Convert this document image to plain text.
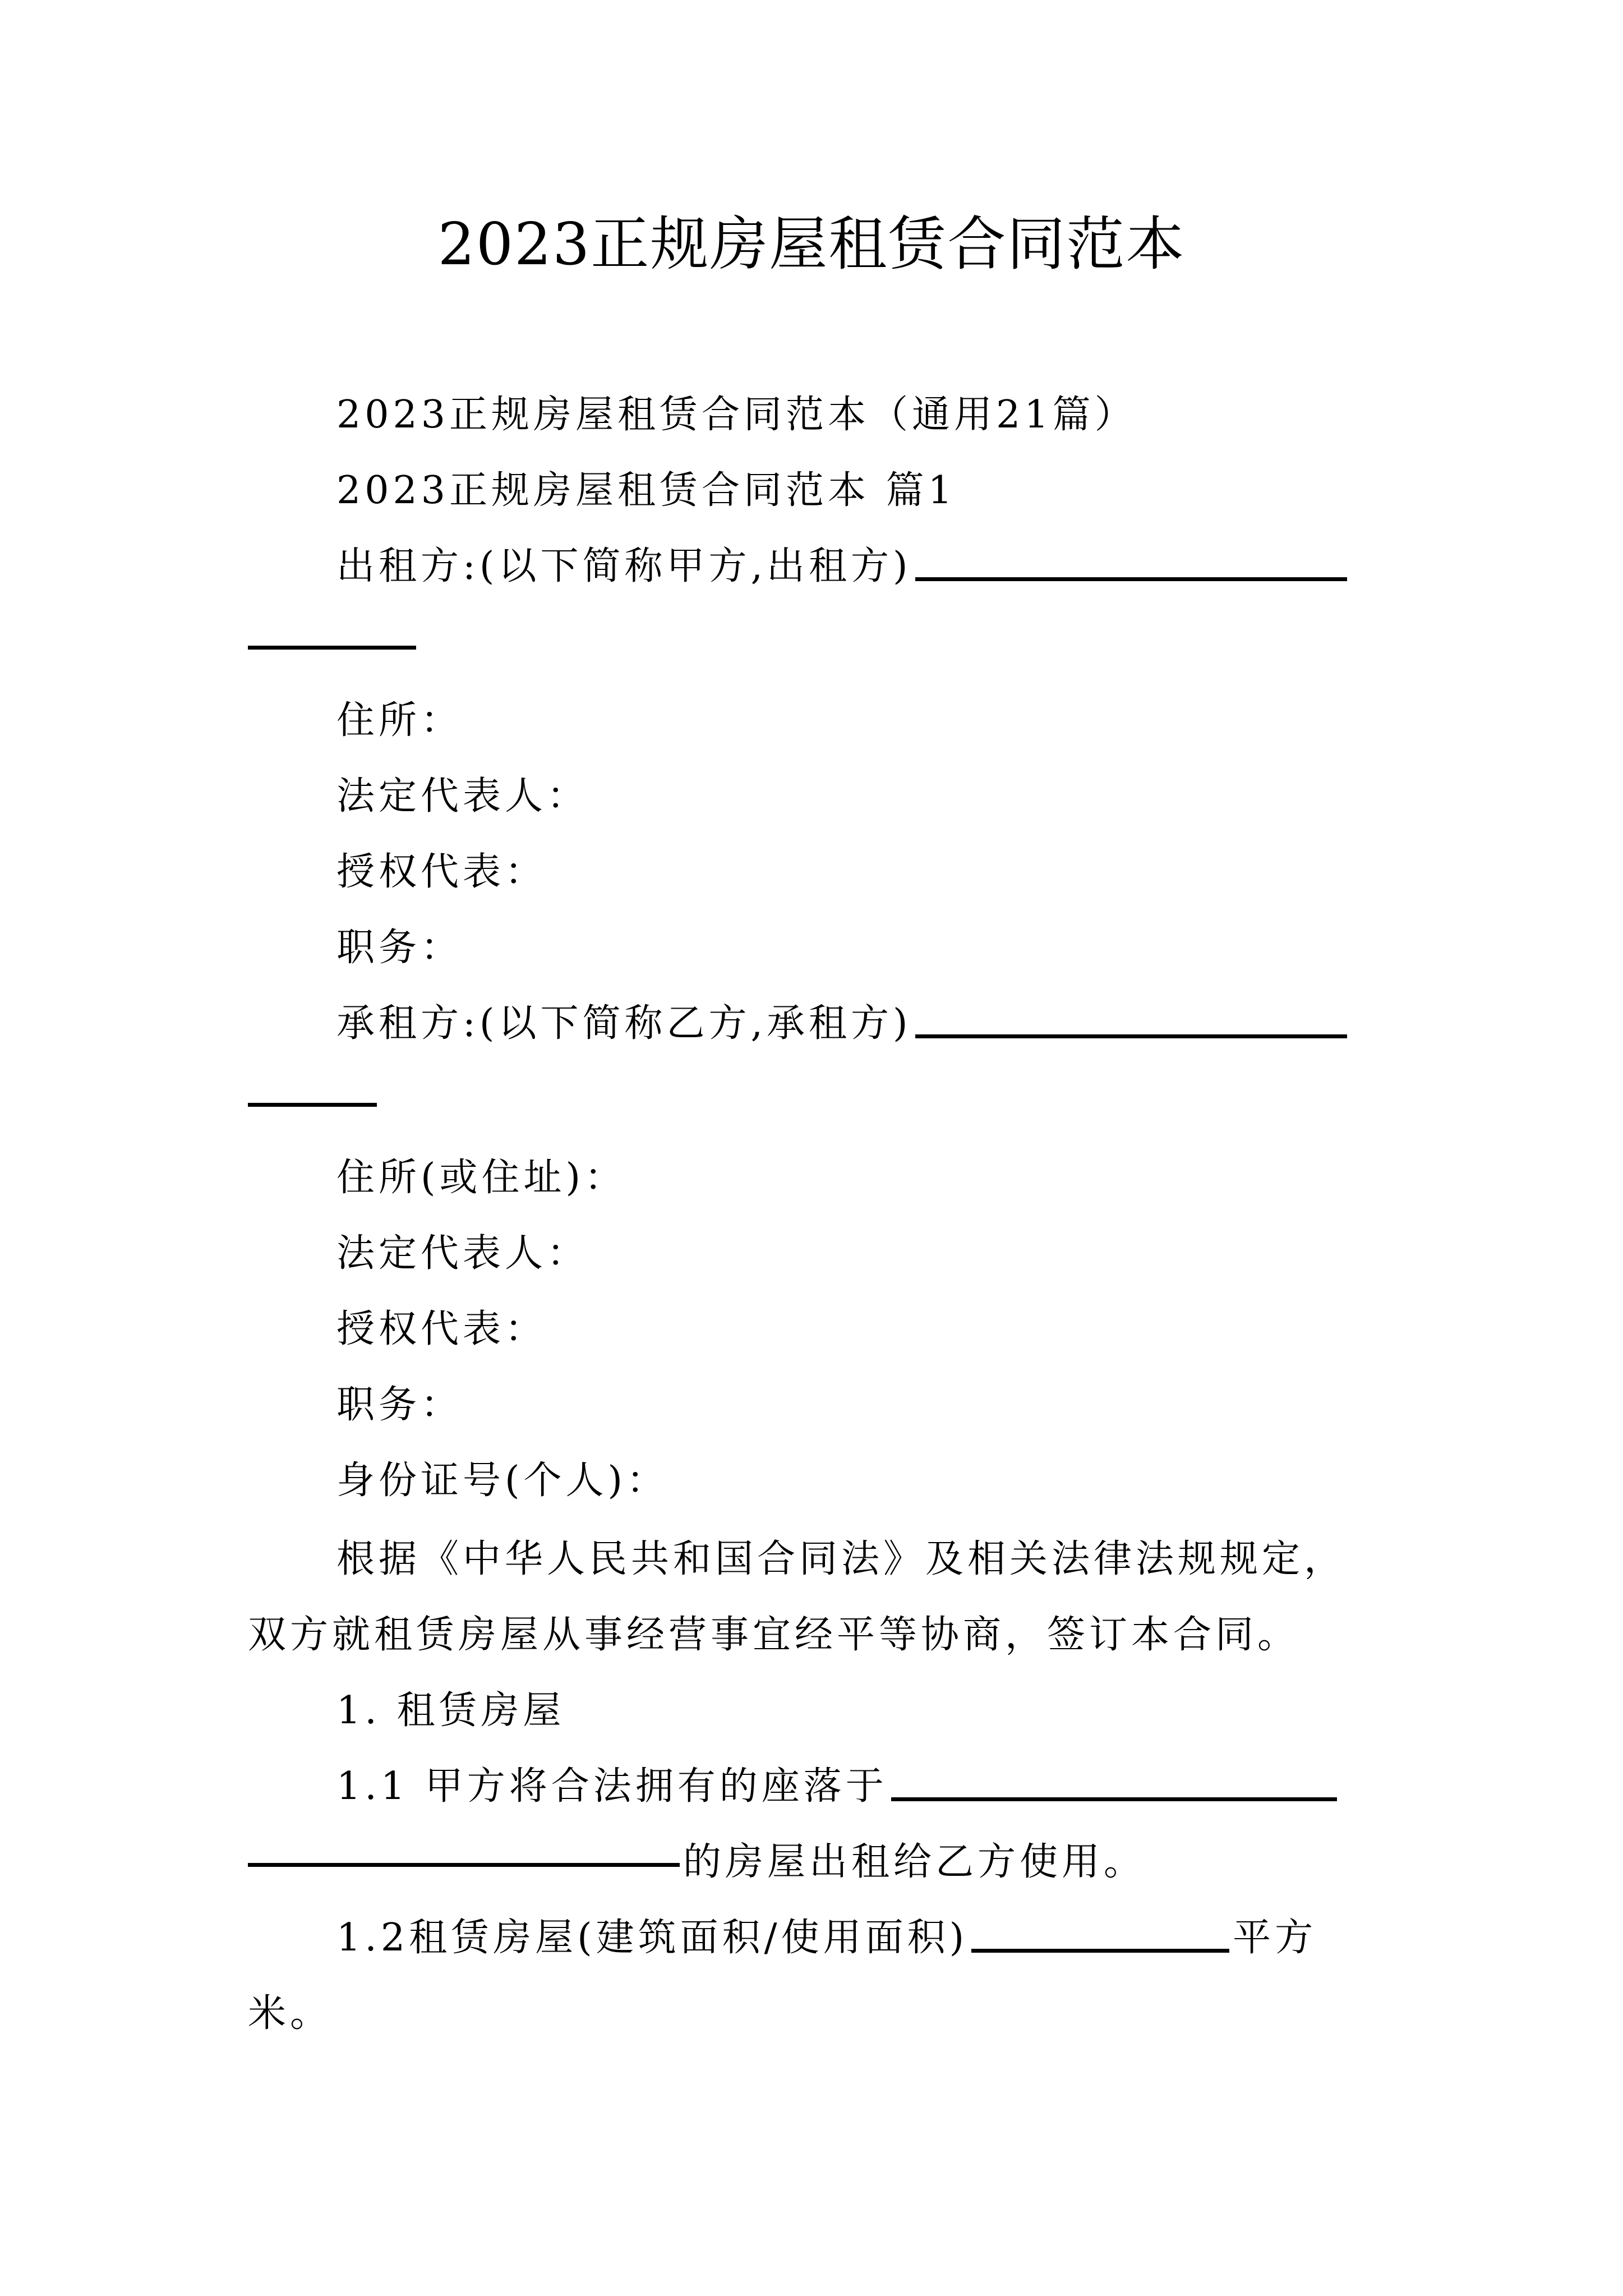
2023正规房屋租赁合同范本
2023正规房屋租赁合同范本（通用21篇）
2023正规房屋租赁合同范本 篇1
出租方:(以下简称甲方,出租方)
住所：
法定代表人：
授权代表：
职务：
承租方:(以下简称乙方,承租方)
住所(或住址)：
法定代表人：
授权代表：
职务：
身份证号(个人)：
根据《中华人民共和国合同法》及相关法律法规规定，
双方就租赁房屋从事经营事宜经平等协商，签订本合同。
1. 租赁房屋
1.1 甲方将合法拥有的座落于
的房屋出租给乙方使用。
1.2租赁房屋(建筑面积/使用面积)	平方
米。
